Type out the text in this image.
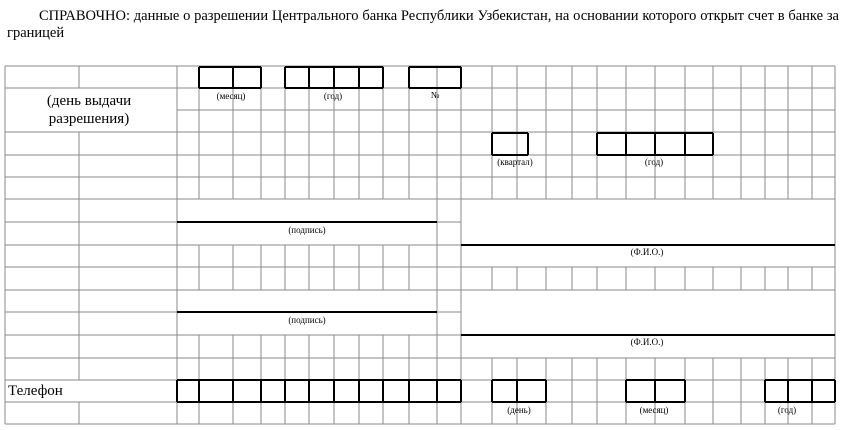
СПРАВОЧНО: данные о разрешении Центрального банка Республики Узбекистан, на основании которого открыт счет в банке за границей

(день выдачи разрешения)
(месяц)	(год)	№
(квартал)	(год)
(подпись)
(Ф.И.О.)
(подпись)
(Ф.И.О.)
Телефон
(день)	(месяц)	(год)
